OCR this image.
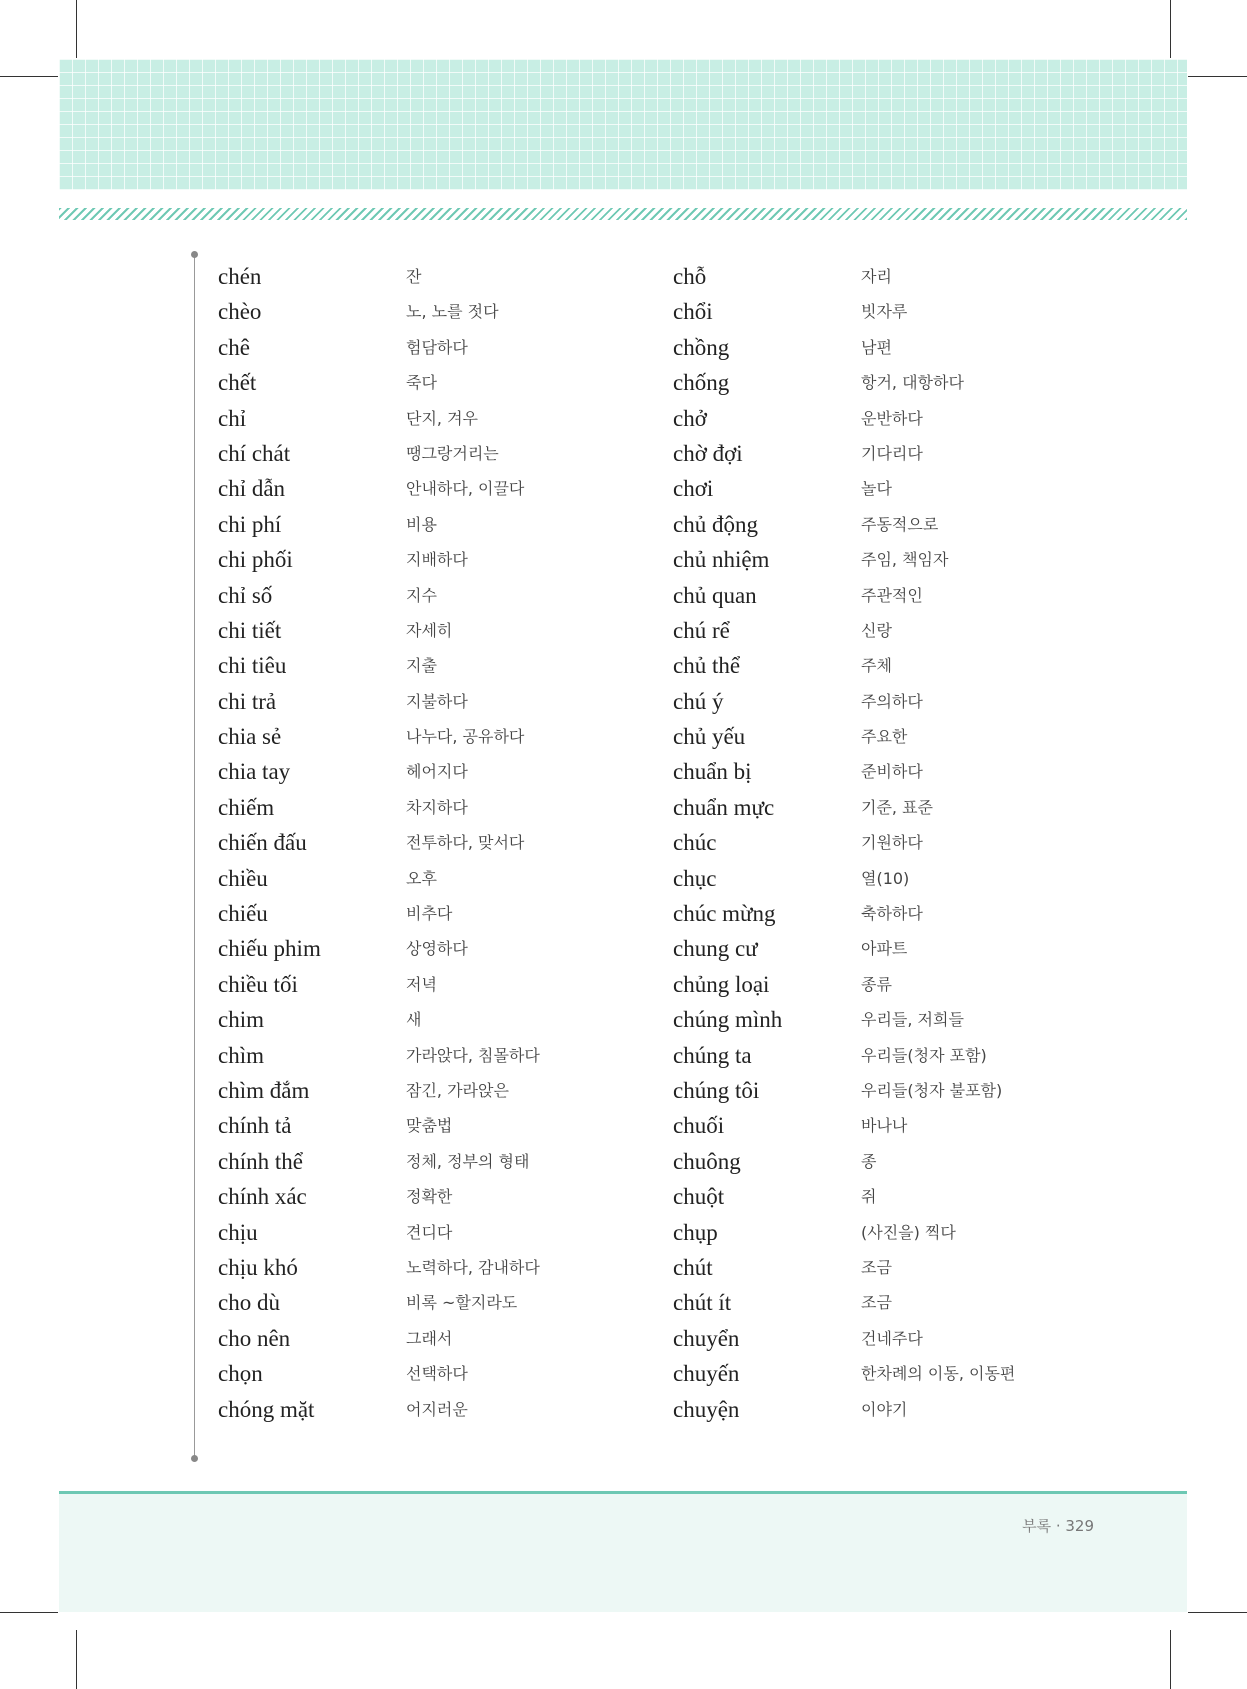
chén	잔
chèo	노, 노를 젓다
chê	험담하다
chết	죽다
chỉ	단지, 겨우
chí chát	땡그랑거리는
chỉ dẫn	안내하다, 이끌다
chi phí	비용
chi phối	지배하다
chỉ số	지수
chi tiết	자세히
chi tiêu	지출
chi trả	지불하다
chia sẻ	나누다, 공유하다
chia tay	헤어지다
chiếm	차지하다
chiến đấu	전투하다, 맞서다
chiều	오후
chiếu	비추다
chiếu phim	상영하다
chiều tối	저녁
chim	새
chìm	가라앉다, 침몰하다
chìm đắm	잠긴, 가라앉은
chính tả	맞춤법
chính thể	정체, 정부의 형태
chính xác	정확한
chịu	견디다
chịu khó	노력하다, 감내하다
cho dù	비록 ~할지라도
cho nên	그래서
chọn	선택하다
chóng mặt	어지러운
chỗ	자리
chổi	빗자루
chồng	남편
chống	항거, 대항하다
chở	운반하다
chờ đợi	기다리다
chơi	놀다
chủ động	주동적으로
chủ nhiệm	주임, 책임자
chủ quan	주관적인
chú rể	신랑
chủ thể	주체
chú ý	주의하다
chủ yếu	주요한
chuẩn bị	준비하다
chuẩn mực	기준, 표준
chúc	기원하다
chục	열(10)
chúc mừng	축하하다
chung cư	아파트
chủng loại	종류
chúng mình	우리들, 저희들
chúng ta	우리들(청자 포함)
chúng tôi	우리들(청자 불포함)
chuối	바나나
chuông	종
chuột	쥐
chụp	(사진을) 찍다
chút	조금
chút ít	조금
chuyển	건네주다
chuyến	한차례의 이동, 이동편
chuyện	이야기
부록 · 329
